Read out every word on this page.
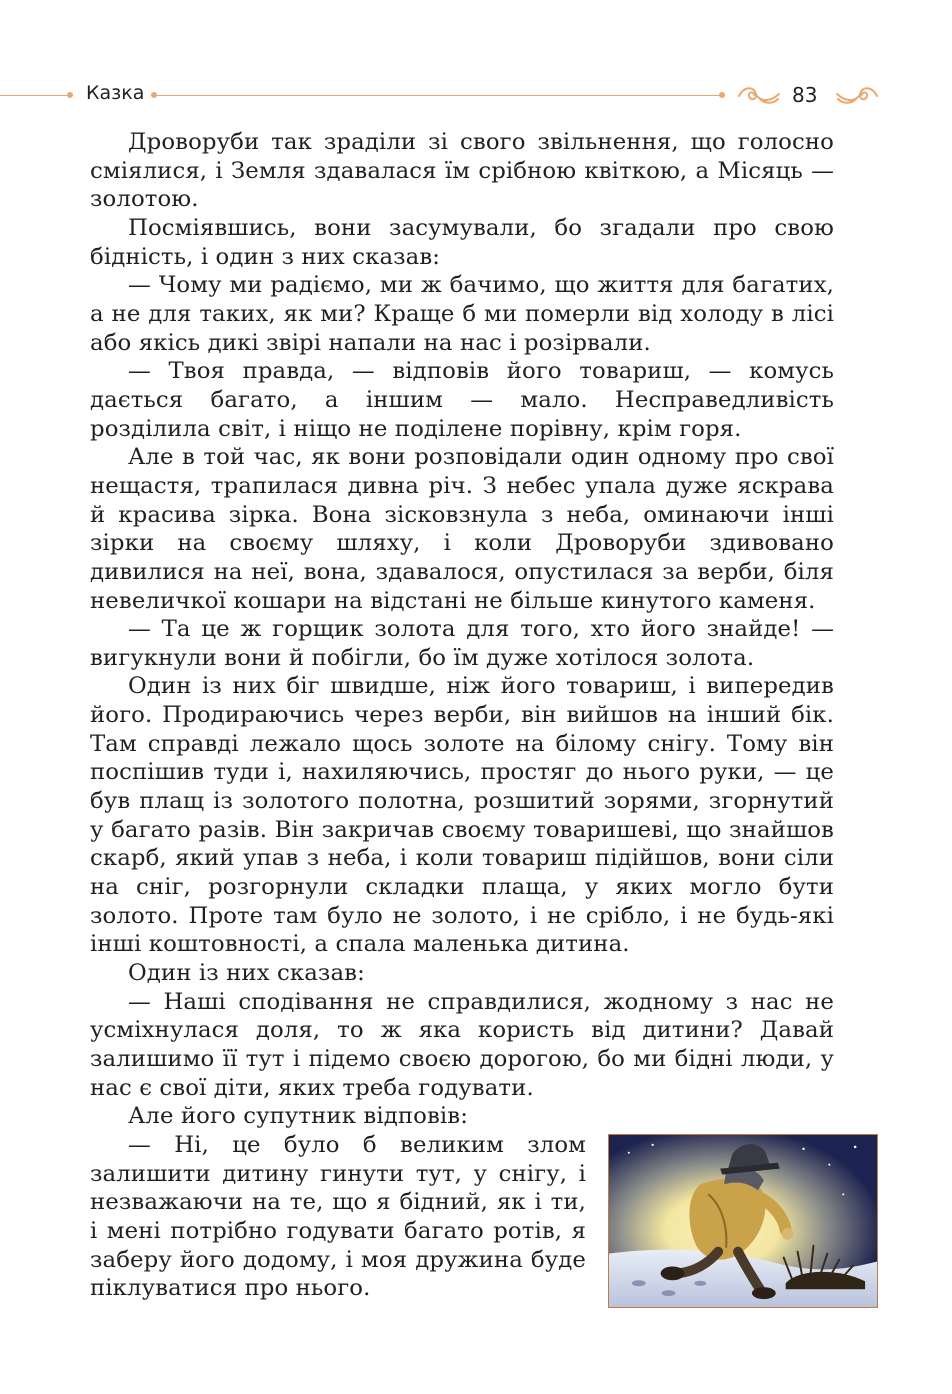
Казка	83

Дроворуби так зраділи зі свого звільнення, що голосно сміялися, і Земля здавалася їм срібною квіткою, а Місяць — золотою.

Посміявшись, вони засумували, бо згадали про свою бідність, і один з них сказав:

— Чому ми радіємо, ми ж бачимо, що життя для багатих, а не для таких, як ми? Краще б ми померли від холоду в лісі або якісь дикі звірі напали на нас і розірвали.

— Твоя правда, — відповів його товариш, — комусь дається багато, а іншим — мало. Несправедливість розділила світ, і ніщо не поділене порівну, крім горя.

Але в той час, як вони розповідали один одному про свої нещастя, трапилася дивна річ. З небес упала дуже яскрава й красива зірка. Вона зісковзнула з неба, оминаючи інші зірки на своєму шляху, і коли Дроворуби здивовано дивилися на неї, вона, здавалося, опустилася за верби, біля невеличкої кошари на відстані не більше кинутого каменя.

— Та це ж горщик золота для того, хто його знайде! — вигукнули вони й побігли, бо їм дуже хотілося золота.

Один із них біг швидше, ніж його товариш, і випередив його. Продираючись через верби, він вийшов на інший бік. Там справді лежало щось золоте на білому снігу. Тому він поспішив туди і, нахиляючись, простяг до нього руки, — це був плащ із золотого полотна, розшитий зорями, згорнутий у багато разів. Він закричав своєму товаришеві, що знайшов скарб, який упав з неба, і коли товариш підійшов, вони сіли на сніг, розгорнули складки плаща, у яких могло бути золото. Проте там було не золото, і не срібло, і не будь-які інші коштовності, а спала маленька дитина.

Один із них сказав:

— Наші сподівання не справдилися, жодному з нас не усміхнулася доля, то ж яка користь від дитини? Давай залишимо її тут і підемо своєю дорогою, бо ми бідні люди, у нас є свої діти, яких треба годувати.

Але його супутник відповів:

— Ні, це було б великим злом залишити дитину гинути тут, у снігу, і незважаючи на те, що я бідний, як і ти, і мені потрібно годувати багато ротів, я заберу його додому, і моя дружина буде піклуватися про нього.
